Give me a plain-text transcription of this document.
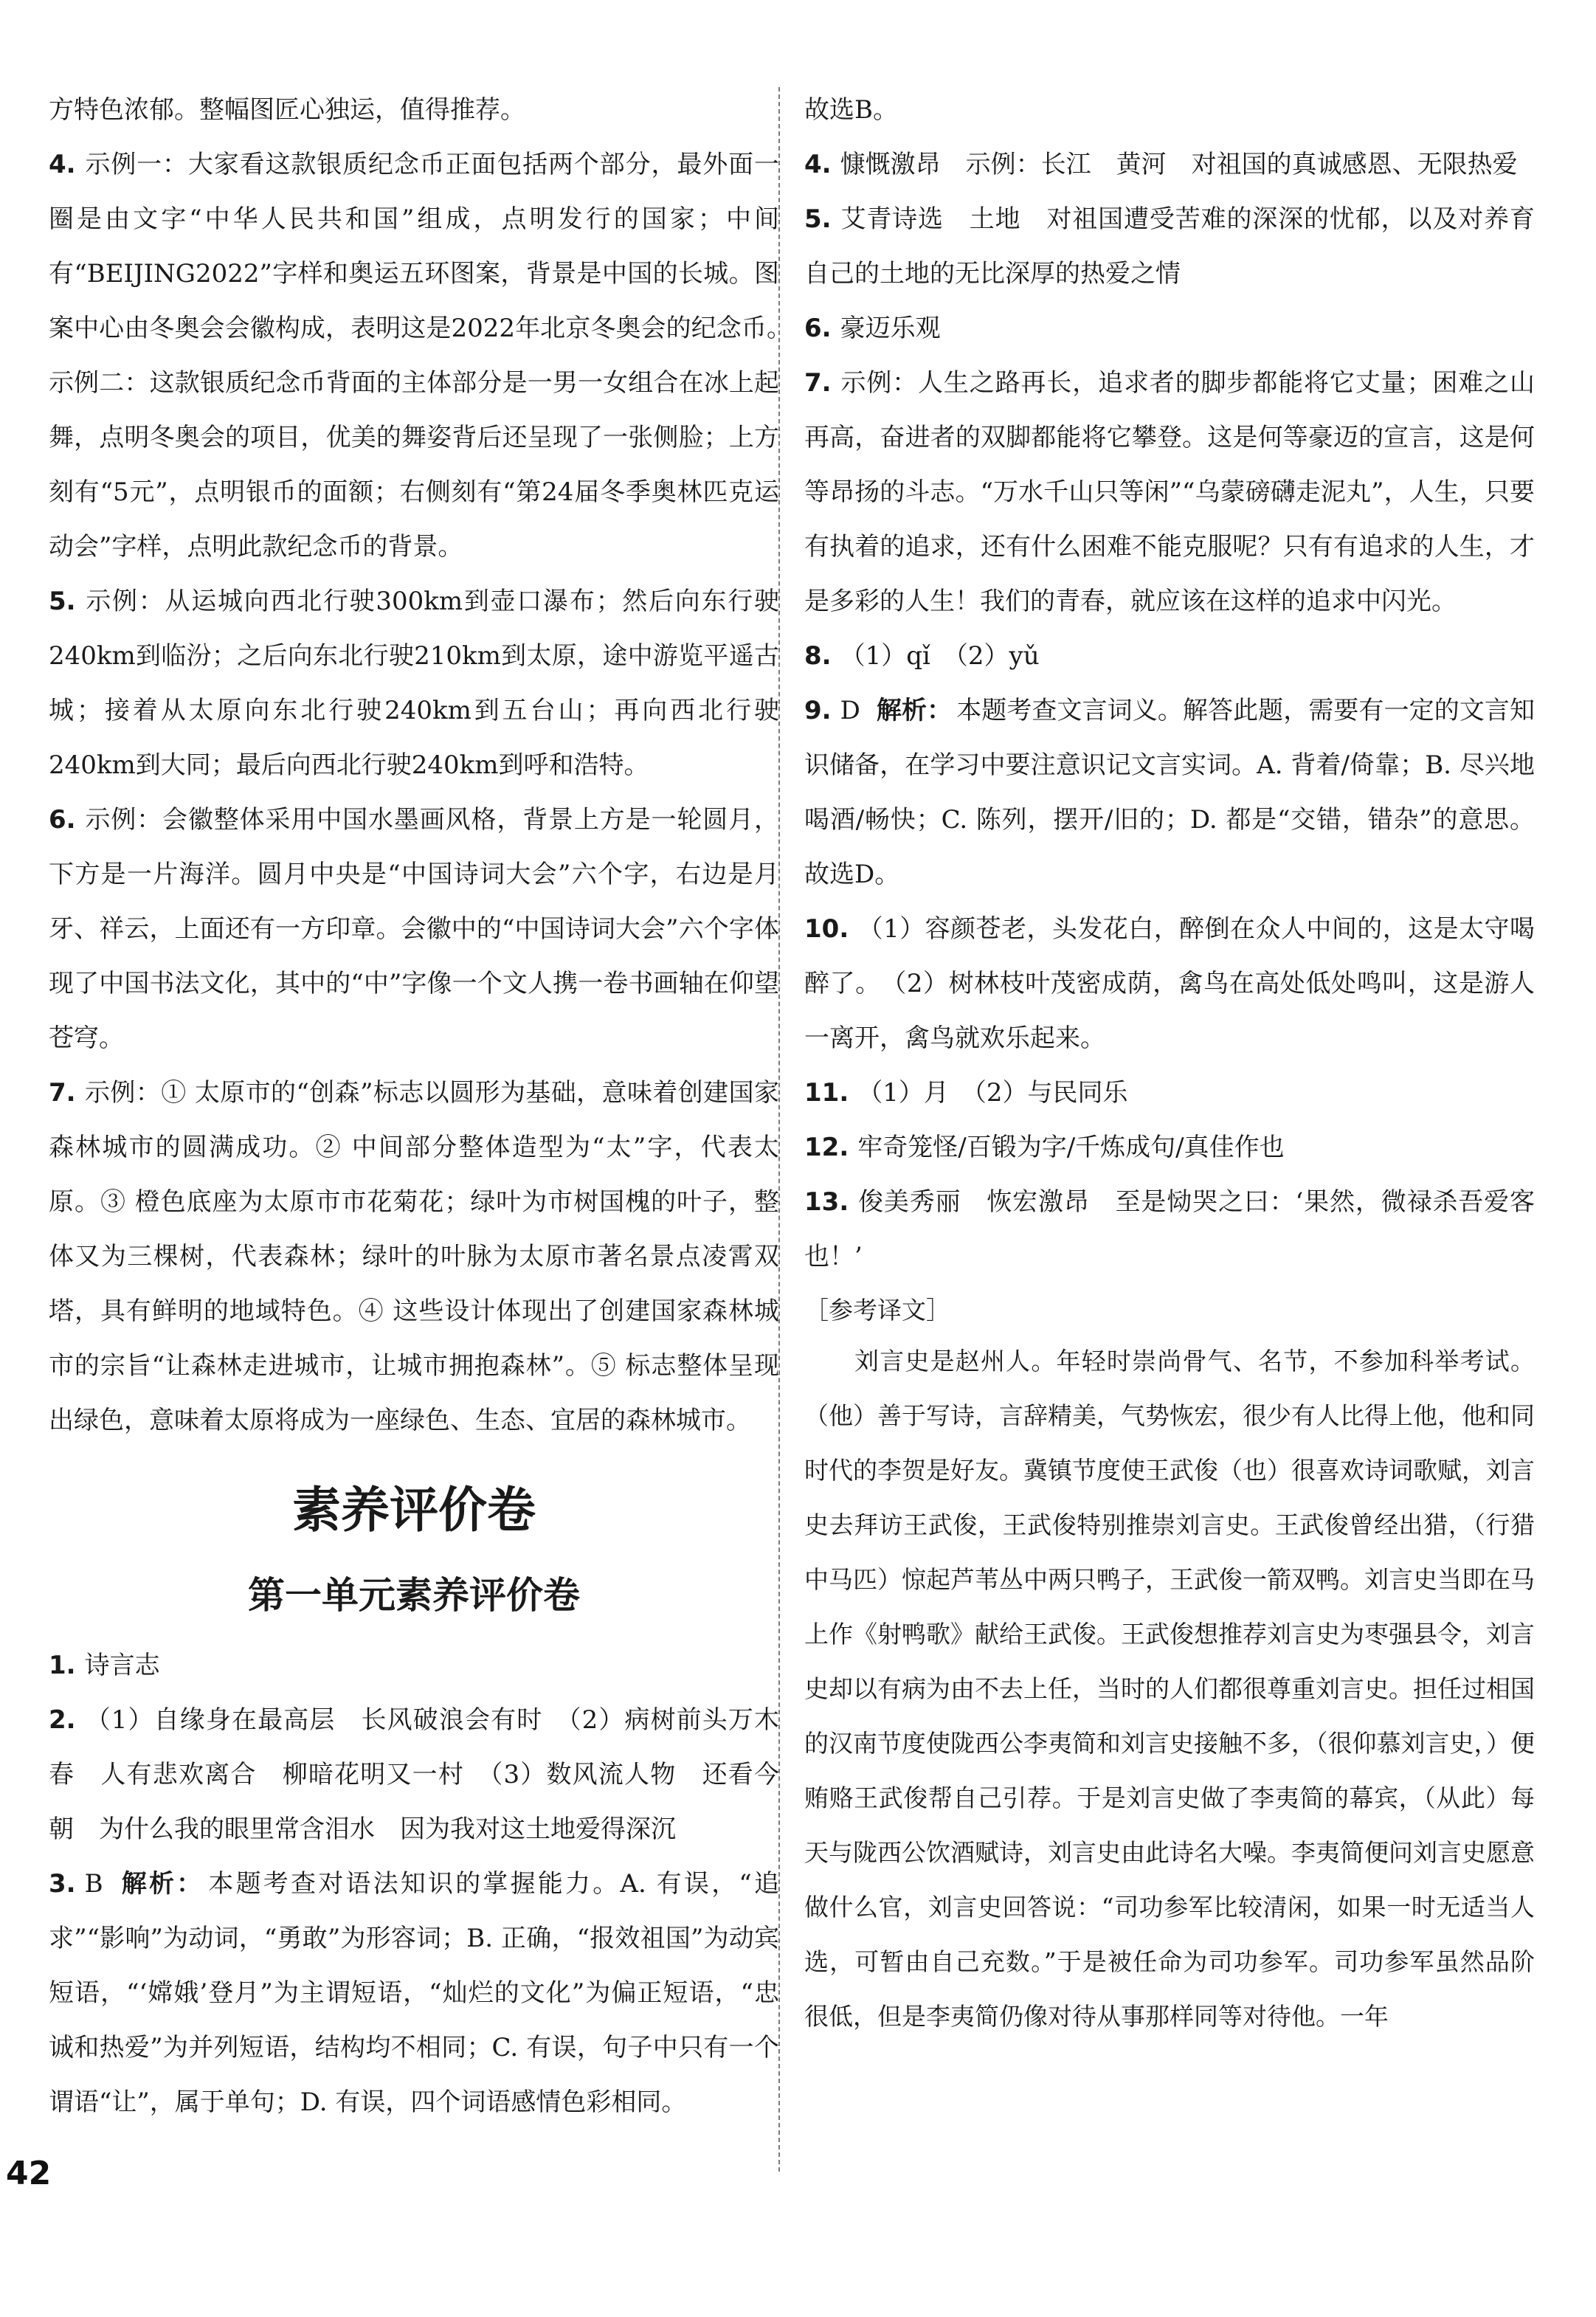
方特色浓郁。整幅图匠心独运，值得推荐。

4. 示例一：大家看这款银质纪念币正面包括两个部分，最外面一圈是由文字“中华人民共和国”组成，点明发行的国家；中间有“BEIJING2022”字样和奥运五环图案，背景是中国的长城。图案中心由冬奥会会徽构成，表明这是2022年北京冬奥会的纪念币。　示例二：这款银质纪念币背面的主体部分是一男一女组合在冰上起舞，点明冬奥会的项目，优美的舞姿背后还呈现了一张侧脸；上方刻有“5元”，点明银币的面额；右侧刻有“第24届冬季奥林匹克运动会”字样，点明此款纪念币的背景。

5. 示例：从运城向西北行驶300km到壶口瀑布；然后向东行驶240km到临汾；之后向东北行驶210km到太原，途中游览平遥古城；接着从太原向东北行驶240km到五台山；再向西北行驶240km到大同；最后向西北行驶240km到呼和浩特。

6. 示例：会徽整体采用中国水墨画风格，背景上方是一轮圆月，下方是一片海洋。圆月中央是“中国诗词大会”六个字，右边是月牙、祥云，上面还有一方印章。会徽中的“中国诗词大会”六个字体现了中国书法文化，其中的“中”字像一个文人携一卷书画轴在仰望苍穹。

7. 示例：① 太原市的“创森”标志以圆形为基础，意味着创建国家森林城市的圆满成功。② 中间部分整体造型为“太”字，代表太原。③ 橙色底座为太原市市花菊花；绿叶为市树国槐的叶子，整体又为三棵树，代表森林；绿叶的叶脉为太原市著名景点凌霄双塔，具有鲜明的地域特色。④ 这些设计体现出了创建国家森林城市的宗旨“让森林走进城市，让城市拥抱森林”。⑤ 标志整体呈现出绿色，意味着太原将成为一座绿色、生态、宜居的森林城市。

素养评价卷
第一单元素养评价卷

1. 诗言志

2. （1）自缘身在最高层　长风破浪会有时　（2）病树前头万木春　人有悲欢离合　柳暗花明又一村　（3）数风流人物　还看今朝　为什么我的眼里常含泪水　因为我对这土地爱得深沉

3. B 解析： 本题考查对语法知识的掌握能力。A. 有误，“追求”“影响”为动词，“勇敢”为形容词；B. 正确，“报效祖国”为动宾短语，“‘嫦娥’登月”为主谓短语，“灿烂的文化”为偏正短语，“忠诚和热爱”为并列短语，结构均不相同；C. 有误，句子中只有一个谓语“让”，属于单句；D. 有误，四个词语感情色彩相同。

故选B。

4. 慷慨激昂　示例：长江　黄河　对祖国的真诚感恩、无限热爱

5. 艾青诗选　土地　对祖国遭受苦难的深深的忧郁，以及对养育自己的土地的无比深厚的热爱之情

6. 豪迈乐观

7. 示例：人生之路再长，追求者的脚步都能将它丈量；困难之山再高，奋进者的双脚都能将它攀登。这是何等豪迈的宣言，这是何等昂扬的斗志。“万水千山只等闲”“乌蒙磅礴走泥丸”，人生，只要有执着的追求，还有什么困难不能克服呢？只有有追求的人生，才是多彩的人生！我们的青春，就应该在这样的追求中闪光。

8. （1）qǐ　（2）yǔ

9. D 解析： 本题考查文言词义。解答此题，需要有一定的文言知识储备，在学习中要注意识记文言实词。A. 背着/倚靠；B. 尽兴地喝酒/畅快；C. 陈列，摆开/旧的；D. 都是“交错，错杂”的意思。故选D。

10. （1）容颜苍老，头发花白，醉倒在众人中间的，这是太守喝醉了。　（2）树林枝叶茂密成荫，禽鸟在高处低处鸣叫，这是游人一离开，禽鸟就欢乐起来。

11. （1）月　（2）与民同乐

12. 牢奇笼怪/百锻为字/千炼成句/真佳作也

13. 俊美秀丽　恢宏激昂　至是恸哭之曰：‘果然，微禄杀吾爱客也！’

［参考译文］

刘言史是赵州人。年轻时崇尚骨气、名节，不参加科举考试。（他）善于写诗，言辞精美，气势恢宏，很少有人比得上他，他和同时代的李贺是好友。冀镇节度使王武俊（也）很喜欢诗词歌赋，刘言史去拜访王武俊，王武俊特别推崇刘言史。王武俊曾经出猎，（行猎中马匹）惊起芦苇丛中两只鸭子，王武俊一箭双鸭。刘言史当即在马上作《射鸭歌》献给王武俊。王武俊想推荐刘言史为枣强县令，刘言史却以有病为由不去上任，当时的人们都很尊重刘言史。担任过相国的汉南节度使陇西公李夷简和刘言史接触不多，（很仰慕刘言史，）便贿赂王武俊帮自己引荐。于是刘言史做了李夷简的幕宾，（从此）每天与陇西公饮酒赋诗，刘言史由此诗名大噪。李夷简便问刘言史愿意做什么官，刘言史回答说：“司功参军比较清闲，如果一时无适当人选，可暂由自己充数。”于是被任命为司功参军。司功参军虽然品阶很低，但是李夷简仍像对待从事那样同等对待他。一年

42
